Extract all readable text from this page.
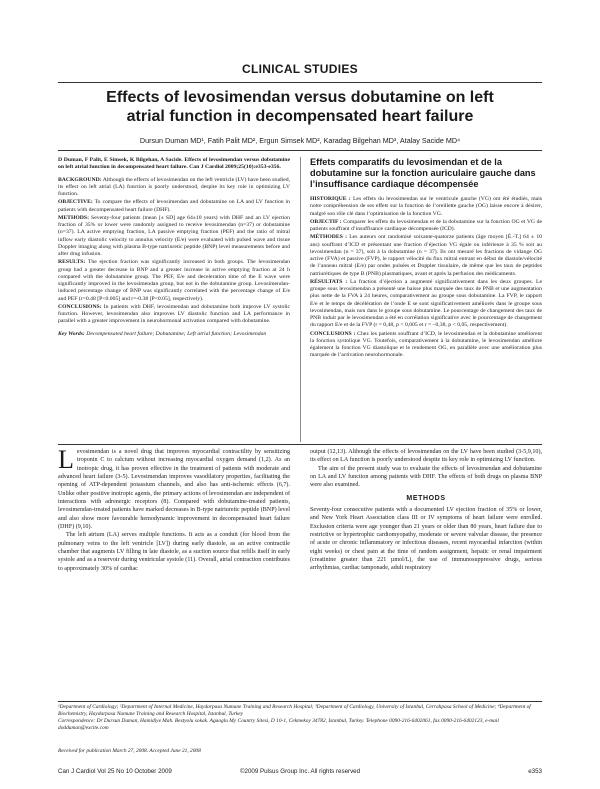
CLINICAL STUDIES
Effects of levosimendan versus dobutamine on left
atrial function in decompensated heart failure
Dursun Duman MD¹, Fatih Palit MD², Ergun Simsek MD², Karadag Bilgehan MD³, Atalay Sacide MD⁴

D Duman, F Palit, E Simsek, K Bilgehan, A Sacide. Effects of levosimendan versus dobutamine on left atrial function in decompensated heart failure. Can J Cardiol 2009;25(10):e353-e356.

BACKGROUND: Although the effects of levosimendan on the left ventricle (LV) have been studied, its effect on left atrial (LA) function is poorly understood, despite its key role in optimizing LV function.

OBJECTIVE: To compare the effects of levosimendan and dobutamine on LA and LV function in patients with decompensated heart failure (DHF).

METHODS: Seventy-four patients (mean [± SD] age 64±10 years) with DHF and an LV ejection fraction of 35% or lower were randomly assigned to receive levosimendan (n=37) or dobutamine (n=37). LA active emptying fraction, LA passive emptying fraction (PEF) and the ratio of mitral inflow early diastolic velocity to annulus velocity (E/e) were evaluated with pulsed wave and tissue Doppler imaging along with plasma B-type natriuretic peptide (BNP) level measurements before and after drug infusion.

RESULTS: The ejection fraction was significantly increased in both groups. The levosimendan group had a greater decrease in BNP and a greater increase in active emptying fraction at 24 h compared with the dobutamine group. The PEF, E/e and deceleration time of the E wave were significantly improved in the levosimendan group, but not in the dobutamine group. Levosimendan-induced percentage change of BNP was significantly correlated with the percentage change of E/e and PEF (r=0.48 [P<0.005] and r=-0.38 [P<0.05], respectively).

CONCLUSIONS: In patients with DHF, levosimendan and dobutamine both improve LV systolic function. However, levosimendan also improves LV diastolic function and LA performance in parallel with a greater improvement in neurohormonal activation compared with dobutamine.

Key Words: Decompensated heart failure; Dobutamine; Left atrial function; Levosimendan

Effets comparatifs du levosimendan et de la dobutamine sur la fonction auriculaire gauche dans l’insuffisance cardiaque décompensée

HISTORIQUE : Les effets du levosimendan sur le ventricule gauche (VG) ont été étudiés, mais notre compréhension de ses effets sur la fonction de l’oreillette gauche (OG) laisse encore à désirer, malgré son rôle clé dans l’optimisation de la fonction VG.

OBJECTIF : Comparer les effets du levosimendan et de la dobutamine sur la fonction OG et VG de patients souffrant d’insuffisance cardiaque décompensée (ICD).

MÉTHODES : Les auteurs ont randomisé soixante-quatorze patients (âge moyen [É.-T.] 64 ± 10 ans) souffrant d’ICD et présentant une fraction d’éjection VG égale ou inférieure à 35 % soit au levosimendan (n = 37), soit à la dobutamine (n = 37). Ils ont mesuré les fractions de vidange OG active (FVA) et passive (FVP), le rapport vélocité du flux mitral entrant en début de diastole/vélocité de l’anneau mitral (E/e) par ondes pulsées et Doppler tissulaire, de même que les taux de peptides natriurétiques de type B (PNB) plasmatiques, avant et après la perfusion des médicaments.

RÉSULTATS : La fraction d’éjection a augmenté significativement dans les deux groupes. Le groupe sous levosimendan a présenté une baisse plus marquée des taux de PNB et une augmentation plus nette de la FVA à 24 heures, comparativement au groupe sous dobutamine. La FVP, le rapport E/e et le temps de décélération de l’onde E se sont significativement améliorés dans le groupe sous levosimendan, mais non dans le groupe sous dobutamine. Le pourcentage de changement des taux de PNB induit par le levosimendan a été en corrélation significative avec le pourcentage de changement du rapport E/e et de la FVP (r = 0,48, p < 0,005 et r = –0,38, p < 0,05, respectivement).

CONCLUSIONS : Chez les patients souffrant d’ICD, le levosimendan et la dobutamine améliorent la fonction systolique VG. Toutefois, comparativement à la dobutamine, le levosimendan améliore également la fonction VG diastolique et le rendement OG, en parallèle avec une amélioration plus marquée de l’activation neurohormonale.

Levosimendan is a novel drug that improves myocardial contractility by sensitizing troponin C to calcium without increasing myocardial oxygen demand (1,2). As an inotropic drug, it has proven effective in the treatment of patients with moderate and advanced heart failure (3-5). Levosimendan improves vasodilatory properties, facilitating the opening of ATP-dependent potassium channels, and also has anti-ischemic effects (6,7). Unlike other positive inotropic agents, the primary actions of levosimendan are independent of interactions with adrenergic receptors (8). Compared with dobutamine-treated patients, levosimendan-treated patients have marked decreases in B-type natriuretic peptide (BNP) level and also show more favourable hemodynamic improvement in decompensated heart failure (DHF) (9,10).

The left atrium (LA) serves multiple functions. It acts as a conduit (for blood from the pulmonary veins to the left ventricle [LV]) during early diastole, as an active contractile chamber that augments LV filling in late diastole, as a suction source that refills itself in early systole and as a reservoir during ventricular systole (11). Overall, atrial contraction contributes to approximately 30% of cardiac

output (12,13). Although the effects of levosimendan on the LV have been studied (3-5,9,10), its effect on LA function is poorly understood despite its key role in optimizing LV function.

The aim of the present study was to evaluate the effects of levosimendan and dobutamine on LA and LV function among patients with DHF. The effects of both drugs on plasma BNP were also examined.

METHODS

Seventy-four consecutive patients with a documented LV ejection fraction of 35% or lower, and New York Heart Association class III or IV symptoms of heart failure were enrolled. Exclusion criteria were age younger than 21 years or older than 80 years, heart failure due to restrictive or hypertrophic cardiomyopathy, moderate or severe valvular disease, the presence of acute or chronic inflammatory or infectious diseases, recent myocardial infarction (within eight weeks) or chest pain at the time of random assignment, hepatic or renal impairment (creatinine greater than 221 µmol/L), the use of immunosuppressive drugs, serious arrhythmias, cardiac tamponade, adult respiratory

¹Department of Cardiology; ²Department of Internal Medicine, Haydarpasa Numune Training and Research Hospital; ³Department of Cardiology, University of Istanbul, Cerrahpasa School of Medicine; ⁴Department of Biochemistry, Haydarpasa Numune Training and Research Hospital, Istanbul, Turkey

Correspondence: Dr Dursun Duman, Hamidiye Mah. Bestyolu sokak. Agaoglu My Country Sitesi, D 10-1, Cekmekoy 34782, Istanbul, Turkey. Telephone 0090-216-6402061, fax 0090-216-6402123, e-mail dodduman@excite.com

Received for publication March 27, 2008. Accepted June 21, 2008
Can J Cardiol Vol 25 No 10 October 2009	©2009 Pulsus Group Inc. All rights reserved	e353
